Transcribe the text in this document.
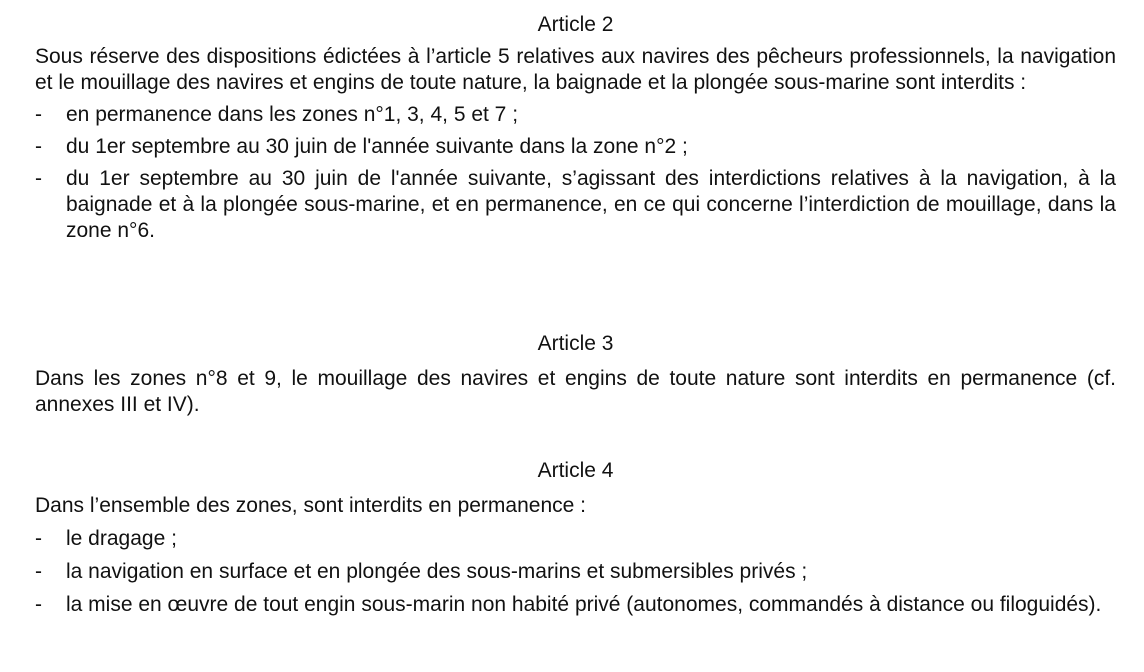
Article 2

Sous réserve des dispositions édictées à l’article 5 relatives aux navires des pêcheurs professionnels, la navigation et le mouillage des navires et engins de toute nature, la baignade et la plongée sous-marine sont interdits :

- en permanence dans les zones n°1, 3, 4, 5 et 7 ;
- du 1er septembre au 30 juin de l'année suivante dans la zone n°2 ;
- du 1er septembre au 30 juin de l'année suivante, s’agissant des interdictions relatives à la navigation, à la baignade et à la plongée sous-marine, et en permanence, en ce qui concerne l’interdiction de mouillage, dans la zone n°6.
Article 3

Dans les zones n°8 et 9, le mouillage des navires et engins de toute nature sont interdits en permanence (cf. annexes III et IV).

Article 4

Dans l’ensemble des zones, sont interdits en permanence :

- le dragage ;
- la navigation en surface et en plongée des sous-marins et submersibles privés ;
- la mise en œuvre de tout engin sous-marin non habité privé (autonomes, commandés à distance ou filoguidés).
